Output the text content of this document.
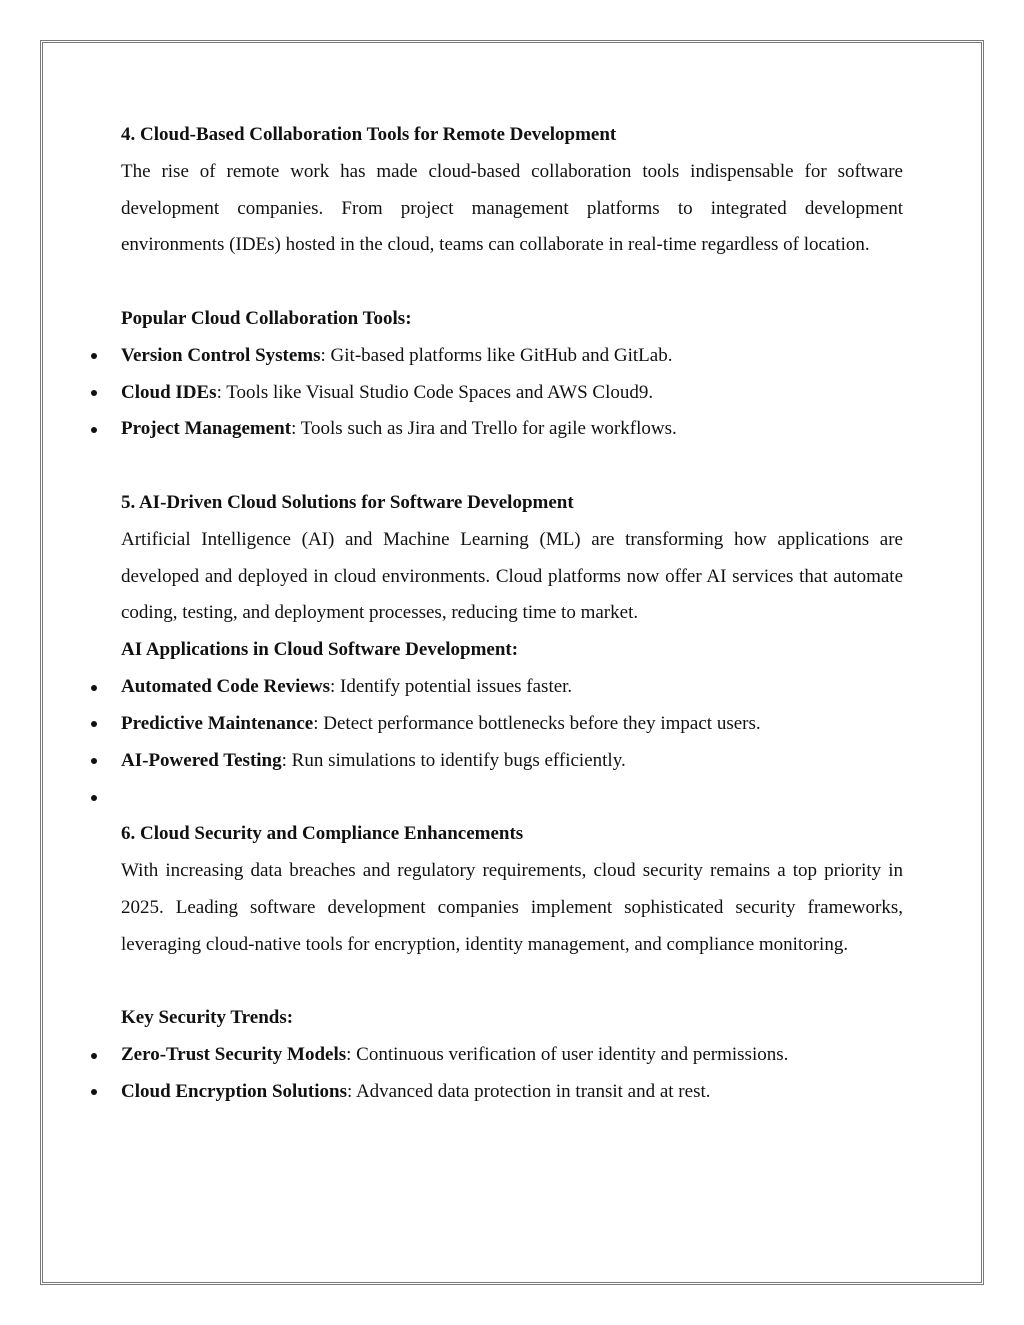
4. Cloud-Based Collaboration Tools for Remote Development
The rise of remote work has made cloud-based collaboration tools indispensable for software development companies. From project management platforms to integrated development environments (IDEs) hosted in the cloud, teams can collaborate in real-time regardless of location.
Popular Cloud Collaboration Tools:
Version Control Systems: Git-based platforms like GitHub and GitLab.
Cloud IDEs: Tools like Visual Studio Code Spaces and AWS Cloud9.
Project Management: Tools such as Jira and Trello for agile workflows.
5. AI-Driven Cloud Solutions for Software Development
Artificial Intelligence (AI) and Machine Learning (ML) are transforming how applications are developed and deployed in cloud environments. Cloud platforms now offer AI services that automate coding, testing, and deployment processes, reducing time to market.
AI Applications in Cloud Software Development:
Automated Code Reviews: Identify potential issues faster.
Predictive Maintenance: Detect performance bottlenecks before they impact users.
AI-Powered Testing: Run simulations to identify bugs efficiently.
6. Cloud Security and Compliance Enhancements
With increasing data breaches and regulatory requirements, cloud security remains a top priority in 2025. Leading software development companies implement sophisticated security frameworks, leveraging cloud-native tools for encryption, identity management, and compliance monitoring.
Key Security Trends:
Zero-Trust Security Models: Continuous verification of user identity and permissions.
Cloud Encryption Solutions: Advanced data protection in transit and at rest.
